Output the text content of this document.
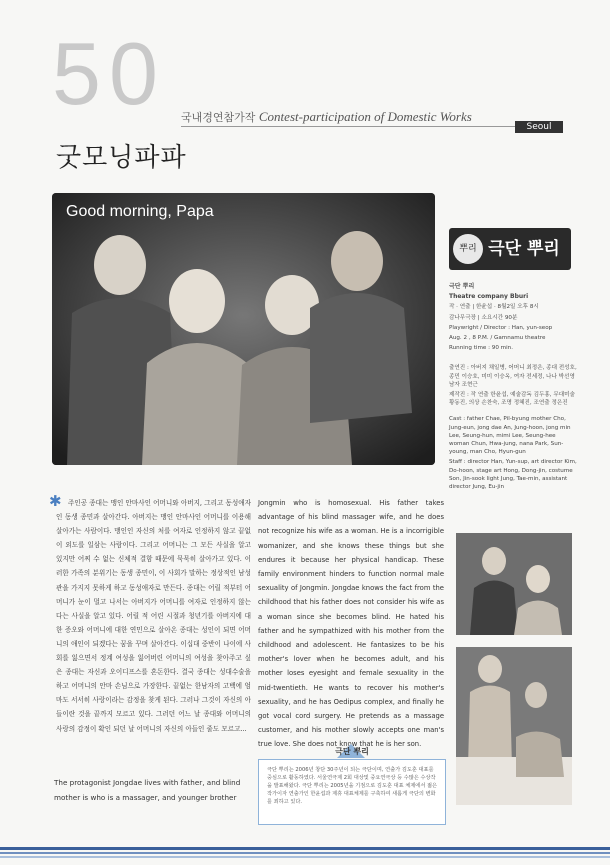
50 국내경연참가작 Contest-participation of Domestic Works
Seoul
굿모닝파파
Good morning, Papa
뿌리 극단 뿌리

극단 뿌리

Theatre company Bburi

작 · 연출 | 한윤섭 · 8월2일 오후 8시

감나무극장 | 소요시간 90분

Playwright / Director : Han, yun-seop

Aug. 2 , 8 P.M. / Gamnamu theatre

Running time : 90 min.

출연진 : 아버지 채일병, 어머니 최정은, 종대 전성호, 종민 이승호, 미미 이승옥, 여자 전세정, 나나 박선영 남자 조현근

제작진 : 작 연출 한윤섭, 예술감독 김두홍, 무대미술 황동진, 의상 손찬숙, 조명 정혜진, 조연출 정은진

Cast : father Chae, Pil-byung mother Cho, Jung-eun, jong dae An, Jung-hoon, jong min Lee, Seung-hun, mimi Lee, Seung-hee woman Chun, Hwa-jung, nana Park, Sun-young, man Cho, Hyun-gun

Staff : director Han, Yun-sup, art director Kim, Do-hoon, stage art Hong, Dong-jin, costume Son, Jin-sook light Jung, Tae-min, assistant director Jung, Eu-jin

✱ 주인공 종대는 맹인 안마사인 어머니와 아버지, 그리고 동성애자인 동생 종민과 살아간다. 아버지는 맹인 안마사인 어머니를 이용해 살아가는 사람이다. 맹인인 자신의 처를 여자로 인정하지 않고 끝없이 외도를 일삼는 사람이다. 그리고 어머니는 그 모든 사실을 알고 있지만 어찌 수 없는 신체적 결함 때문에 묵묵히 살아가고 있다. 이러한 가족의 분위기는 동생 종민이, 이 사회가 말하는 정상적인 남성관을 가지지 못하게 하고 동성애자로 만든다. 종대는 어릴 적부터 어머니가 눈이 멀고 나서는 아버지가 어머니를 여자로 인정하지 않는다는 사실을 알고 있다. 어릴 적 어린 시절과 청년기를 아버지에 대한 증오와 어머니에 대한 연민으로 살아온 종대는 성인이 되면 어머니의 애인이 되겠다는 꿈을 꾸며 살아간다. 이십대 중반이 나이에 사회를 잃으면서 정계 여성을 잃어버린 어머니의 여성을 찾아주고 싶은 종대는 자신과 오이디프스를 혼돈한다. 결국 종대는 성대수술을 하고 어머니의 안마 손님으로 가장한다. 끝없는 한남자의 고백에 엄마도 서서히 사랑이라는 감정을 찾게 된다. 그러나 그것이 자신의 아들이란 것을 끝까지 모르고 있다. 그러던 어느 날 종대와 어머니의 사랑의 감정이 확인 되던 날 어머니의 자신의 아들인 줄도 모르고...
The protagonist Jongdae lives with father, and blind mother is who is a massager, and younger brother
Jongmin who is homosexual. His father takes advantage of his blind massager wife, and he does not recognize his wife as a woman. He is a incorrigible womanizer, and she knows these things but she endures it because her physical handicap. These family environment hinders to function normal male sexuality of Jongmin. Jongdae knows the fact from the childhood that his father does not consider his wife as a woman since she becomes blind. He hated his father and he sympathized with his mother from the childhood and adolescent. He fantasizes to be his mother's lover when he becomes adult, and his mother loses eyesight and female sexuality in the mid-twentieth. He wants to recover his mother's sexuality, and he has Oedipus complex, and finally he got vocal cord surgery. He pretends as a massage customer, and his mother slowly accepts one man's true love. She does not know that he is her son.
극단 뿌리
극단 뿌리는 2006년 창단 30주년이 되는 극단이며, 연출가 김도훈 대표를 중심으로 활동하였다. 서울연극제 2회 대상및 중요연극상 등 수많은 수상작을 발표해왔다. 극단 뿌리는 2005년을 기점으로 김도훈 대표 체제에서 젊은 작가이자 연출가인 한윤섭과 제휴 대표체제를 구축하여 새롭게 극단의 변화를 꾀하고 있다.
